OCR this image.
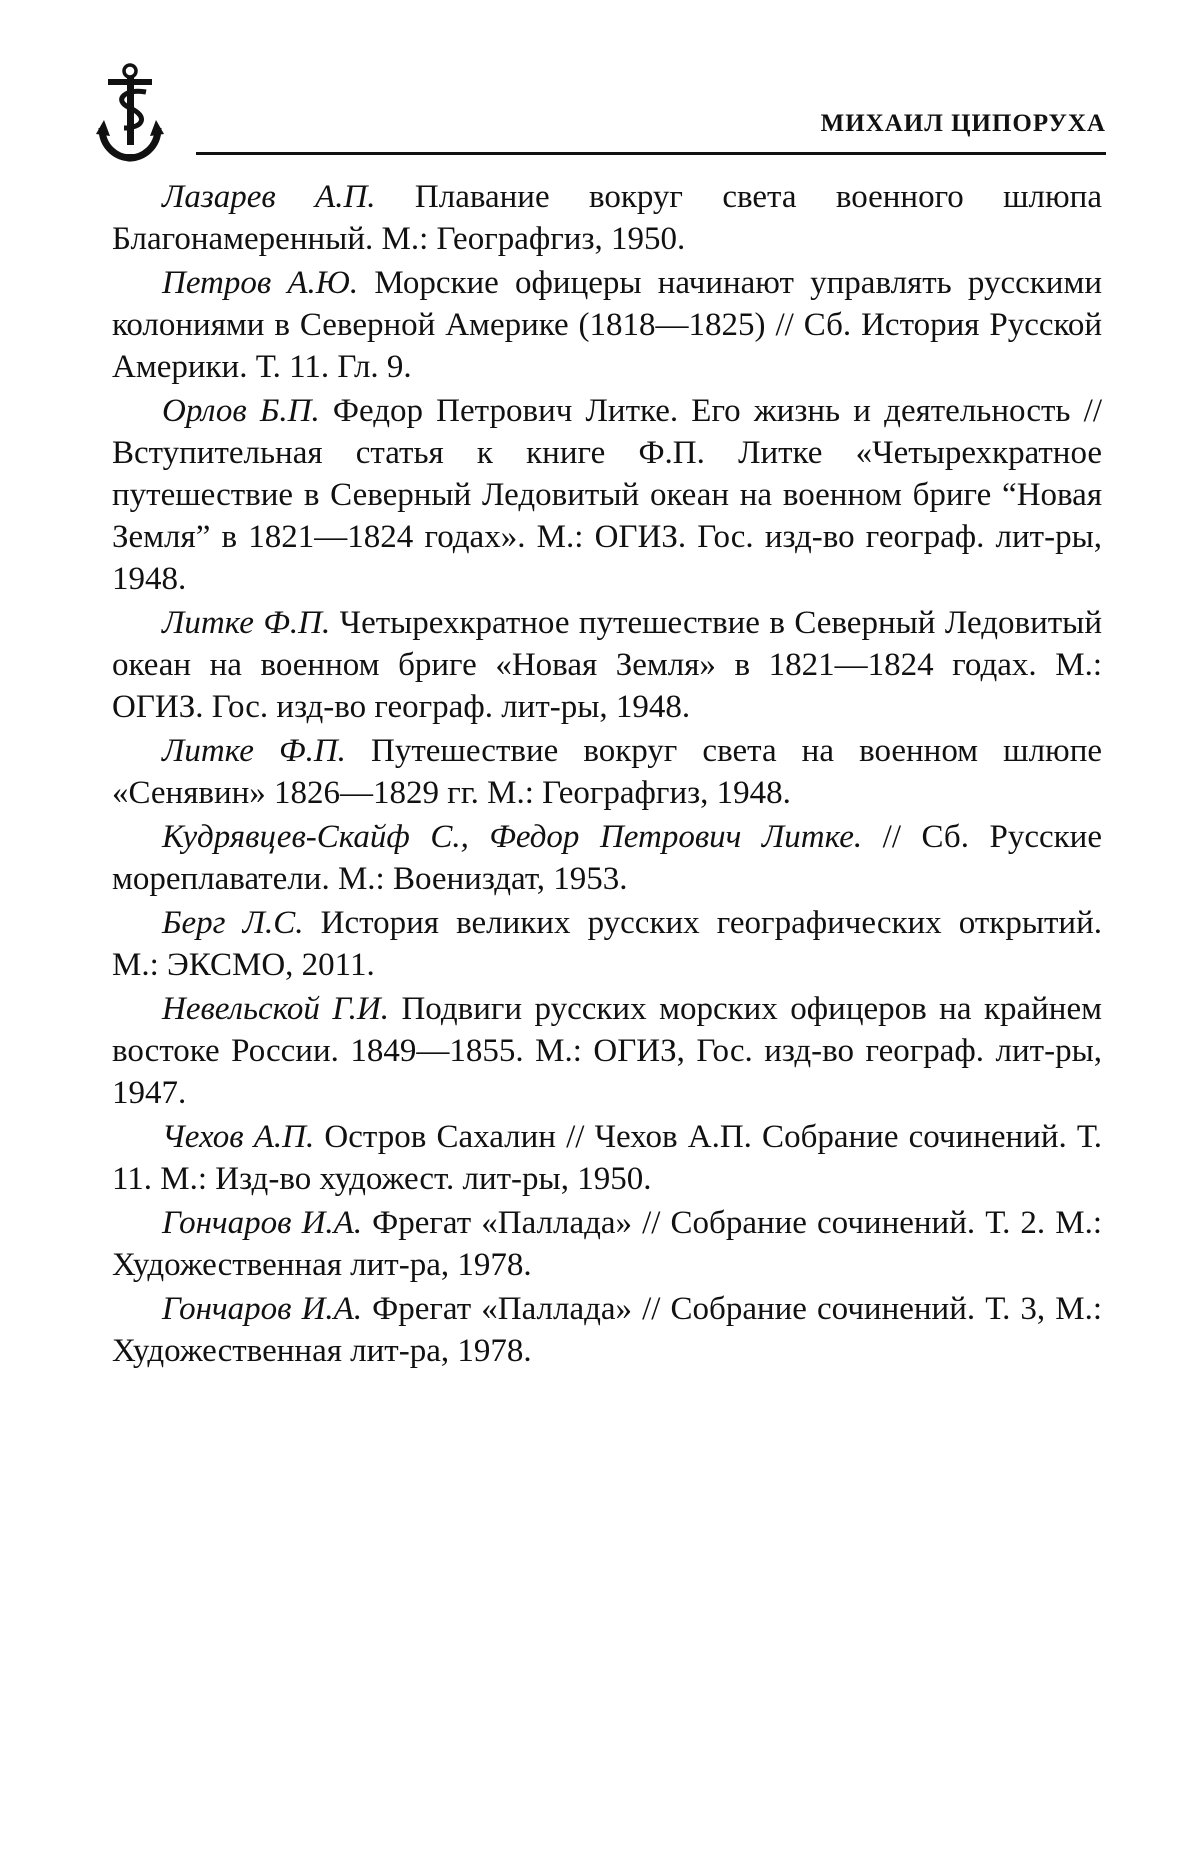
МИХАИЛ ЦИПОРУХА
Лазарев А.П. Плавание вокруг света военного шлюпа Благонамеренный. М.: Географгиз, 1950.
Петров А.Ю. Морские офицеры начинают управлять русскими колониями в Северной Америке (1818—1825) // Сб. История Русской Америки. Т. 11. Гл. 9.
Орлов Б.П. Федор Петрович Литке. Его жизнь и деятельность // Вступительная статья к книге Ф.П. Литке «Четырехкратное путешествие в Северный Ледовитый океан на военном бриге “Новая Земля” в 1821—1824 годах». М.: ОГИЗ. Гос. изд-во географ. лит-ры, 1948.
Литке Ф.П. Четырехкратное путешествие в Северный Ледовитый океан на военном бриге «Новая Земля» в 1821—1824 годах. М.: ОГИЗ. Гос. изд-во географ. лит-ры, 1948.
Литке Ф.П. Путешествие вокруг света на военном шлюпе «Сенявин» 1826—1829 гг. М.: Географгиз, 1948.
Кудрявцев-Скайф С., Федор Петрович Литке. // Сб. Русские мореплаватели. М.: Воениздат, 1953.
Берг Л.С. История великих русских географических открытий. М.: ЭКСМО, 2011.
Невельской Г.И. Подвиги русских морских офицеров на крайнем востоке России. 1849—1855. М.: ОГИЗ, Гос. изд-во географ. лит-ры, 1947.
Чехов А.П. Остров Сахалин // Чехов А.П. Собрание сочинений. Т. 11. М.: Изд-во художест. лит-ры, 1950.
Гончаров И.А. Фрегат «Паллада» // Собрание сочинений. Т. 2. М.: Художественная лит-ра, 1978.
Гончаров И.А. Фрегат «Паллада» // Собрание сочинений. Т. 3, М.: Художественная лит-ра, 1978.
